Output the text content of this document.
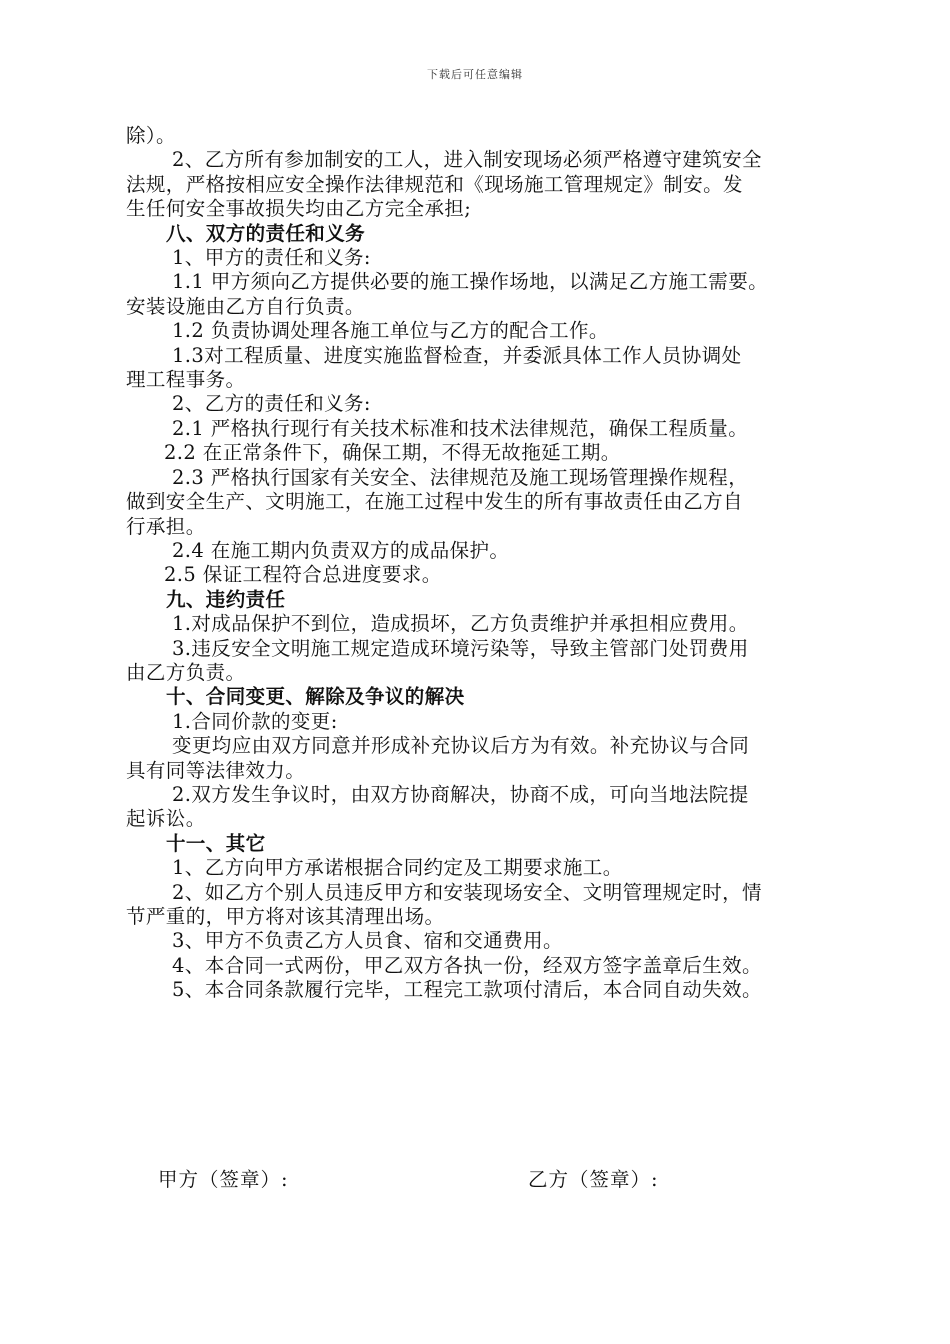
下载后可任意编辑
除）。
2、乙方所有参加制安的工人，进入制安现场必须严格遵守建筑安全
法规，严格按相应安全操作法律规范和《现场施工管理规定》制安。发
生任何安全事故损失均由乙方完全承担;
八、双方的责任和义务
1、甲方的责任和义务:
1.1 甲方须向乙方提供必要的施工操作场地，以满足乙方施工需要。
安装设施由乙方自行负责。
1.2 负责协调处理各施工单位与乙方的配合工作。
1.3对工程质量、进度实施监督检查，并委派具体工作人员协调处
理工程事务。
2、乙方的责任和义务:
2.1 严格执行现行有关技术标准和技术法律规范，确保工程质量。
2.2 在正常条件下，确保工期，不得无故拖延工期。
2.3 严格执行国家有关安全、法律规范及施工现场管理操作规程，
做到安全生产、文明施工，在施工过程中发生的所有事故责任由乙方自
行承担。
2.4 在施工期内负责双方的成品保护。
2.5 保证工程符合总进度要求。
九、违约责任
1.对成品保护不到位，造成损坏，乙方负责维护并承担相应费用。
3.违反安全文明施工规定造成环境污染等，导致主管部门处罚费用
由乙方负责。
十、合同变更、解除及争议的解决
1.合同价款的变更:
变更均应由双方同意并形成补充协议后方为有效。补充协议与合同
具有同等法律效力。
2.双方发生争议时，由双方协商解决，协商不成，可向当地法院提
起诉讼。
十一、其它
1、乙方向甲方承诺根据合同约定及工期要求施工。
2、如乙方个别人员违反甲方和安装现场安全、文明管理规定时，情
节严重的，甲方将对该其清理出场。
3、甲方不负责乙方人员食、宿和交通费用。
4、本合同一式两份，甲乙双方各执一份，经双方签字盖章后生效。
5、本合同条款履行完毕，工程完工款项付清后，本合同自动失效。
甲方（签章）:	乙方（签章）:
